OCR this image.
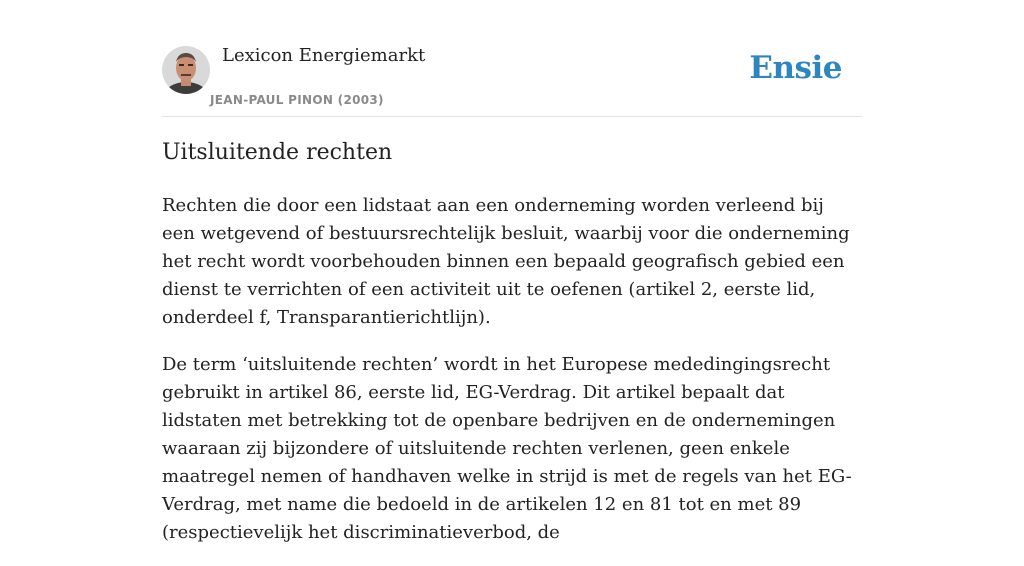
Lexicon Energiemarkt
JEAN-PAUL PINON (2003)
Ensie
Uitsluitende rechten

Rechten die door een lidstaat aan een onderneming worden verleend bij een wetgevend of bestuursrechtelijk besluit, waarbij voor die onderneming het recht wordt voorbehouden binnen een bepaald geografisch gebied een dienst te verrichten of een activiteit uit te oefenen (artikel 2, eerste lid, onderdeel f, Transparantierichtlijn).

De term ‘uitsluitende rechten’ wordt in het Europese mededingingsrecht gebruikt in artikel 86, eerste lid, EG-Verdrag. Dit artikel bepaalt dat lidstaten met betrekking tot de openbare bedrijven en de ondernemingen waaraan zij bijzondere of uitsluitende rechten verlenen, geen enkele maatregel nemen of handhaven welke in strijd is met de regels van het EG-Verdrag, met name die bedoeld in de artikelen 12 en 81 tot en met 89 (respectievelijk het discriminatieverbod, de
